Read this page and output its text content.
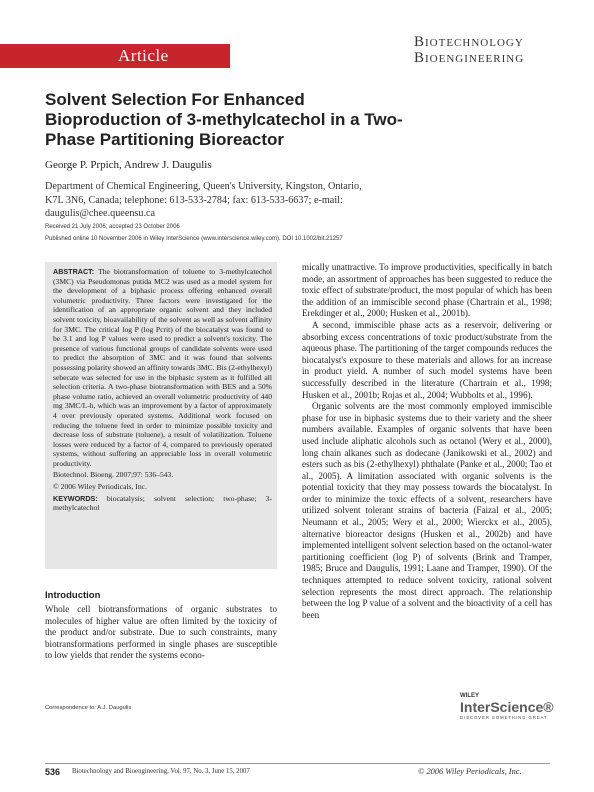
Article
Biotechnology
Bioengineering
Solvent Selection For Enhanced Bioproduction of 3-methylcatechol in a Two-Phase Partitioning Bioreactor
George P. Prpich, Andrew J. Daugulis
Department of Chemical Engineering, Queen's University, Kingston, Ontario, K7L 3N6, Canada; telephone: 613-533-2784; fax: 613-533-6637; e-mail: daugulis@chee.queensu.ca
Received 21 July 2006; accepted 23 October 2006
Published online 10 November 2006 in Wiley InterScience (www.interscience.wiley.com). DOI 10.1002/bit.21257

ABSTRACT: The biotransformation of toluene to 3-methylcatechol (3MC) via Pseudomonas putida MC2 was used as a model system for the development of a biphasic process offering enhanced overall volumetric productivity. Three factors were investigated for the identification of an appropriate organic solvent and they included solvent toxicity, bioavailability of the solvent as well as solvent affinity for 3MC. The critical log P (log Pcrit) of the biocatalyst was found to be 3.1 and log P values were used to predict a solvent's toxicity. The presence of various functional groups of candidate solvents were used to predict the absorption of 3MC and it was found that solvents possessing polarity showed an affinity towards 3MC. Bis (2-ethylhexyl) sebecate was selected for use in the biphasic system as it fulfilled all selection criteria. A two-phase biotransformation with BES and a 50% phase volume ratio, achieved an overall volumetric productivity of 440 mg 3MC/L-h, which was an improvement by a factor of approximately 4 over previously operated systems. Additional work focused on reducing the toluene feed in order to minimize possible toxicity and decrease loss of substrate (toluene), a result of volatilization. Toluene losses were reduced by a factor of 4, compared to previously operated systems, without suffering an appreciable loss in overall volumetric productivity.

Biotechnol. Bioeng. 2007;97: 536–543.

© 2006 Wiley Periodicals, Inc.

KEYWORDS: biocatalysis; solvent selection; two-phase; 3-methylcatechol

Introduction
Whole cell biotransformations of organic substrates to molecules of higher value are often limited by the toxicity of the product and/or substrate. Due to such constraints, many biotransformations performed in single phases are susceptible to low yields that render the systems econo-
Correspondence to: A.J. Daugulis

mically unattractive. To improve productivities, specifically in batch mode, an assortment of approaches has been suggested to reduce the toxic effect of substrate/product, the most popular of which has been the addition of an immiscible second phase (Chartrain et al., 1998; Erekdinger et al., 2000; Husken et al., 2001b).

A second, immiscible phase acts as a reservoir, delivering or absorbing excess concentrations of toxic product/substrate from the aqueous phase. The partitioning of the target compounds reduces the biocatalyst's exposure to these materials and allows for an increase in product yield. A number of such model systems have been successfully described in the literature (Chartrain et al., 1998; Husken et al., 2001b; Rojas et al., 2004; Wubbolts et al., 1996).

Organic solvents are the most commonly employed immiscible phase for use in biphasic systems due to their variety and the sheer numbers available. Examples of organic solvents that have been used include aliphatic alcohols such as octanol (Wery et al., 2000), long chain alkanes such as dodecane (Janikowski et al., 2002) and esters such as bis (2-ethylhexyl) phthalate (Panke et al., 2000; Tao et al., 2005). A limitation associated with organic solvents is the potential toxicity that they may possess towards the biocatalyst. In order to minimize the toxic effects of a solvent, researchers have utilized solvent tolerant strains of bacteria (Faizal et al., 2005; Neumann et al., 2005; Wery et al., 2000; Wierckx et al., 2005), alternative bioreactor designs (Husken et al., 2002b) and have implemented intelligent solvent selection based on the octanol-water partitioning coefficient (log P) of solvents (Brink and Tramper, 1985; Bruce and Daugulis, 1991; Laane and Tramper, 1990). Of the techniques attempted to reduce solvent toxicity, rational solvent selection represents the most direct approach. The relationship between the log P value of a solvent and the bioactivity of a cell has been

WILEY
InterScience®
DISCOVER SOMETHING GREAT
536 Biotechnology and Bioengineering, Vol. 97, No. 3, June 15, 2007	© 2006 Wiley Periodicals, Inc.
